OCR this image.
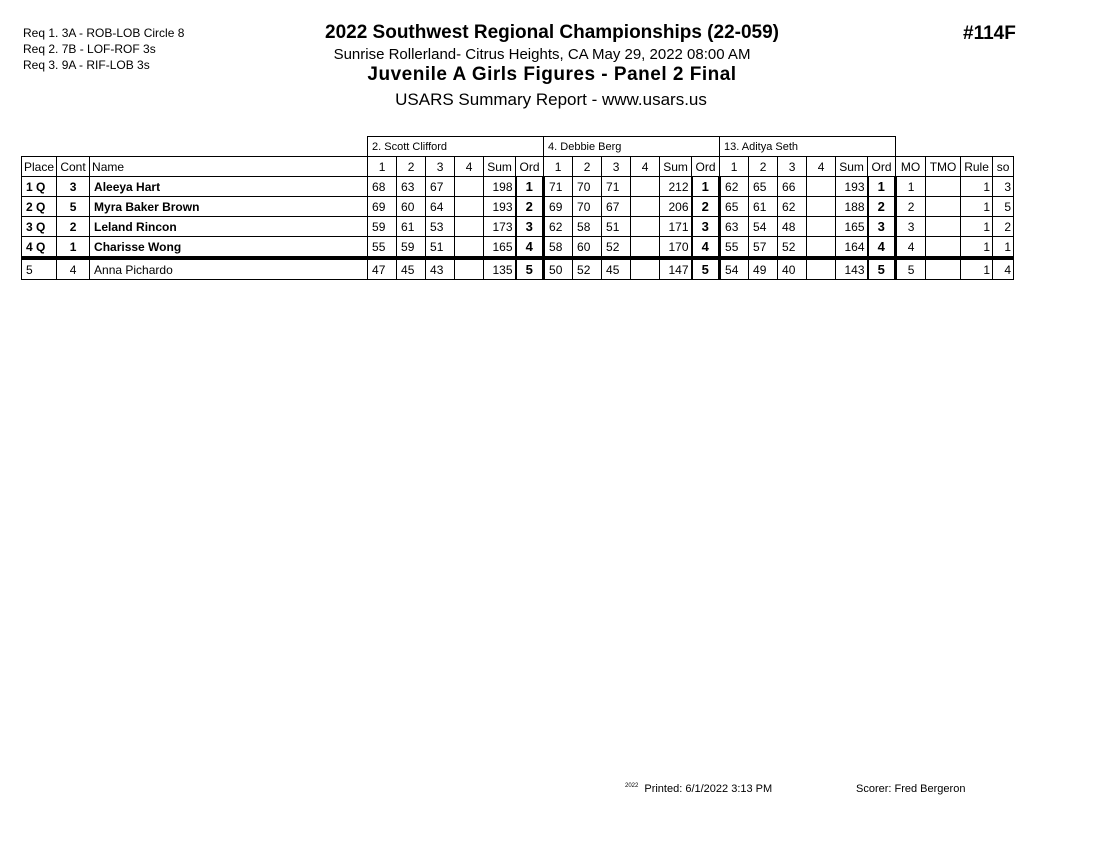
Req 1. 3A - ROB-LOB Circle 8
Req 2. 7B - LOF-ROF 3s
Req 3. 9A - RIF-LOB 3s
2022 Southwest Regional Championships (22-059)
Sunrise Rollerland- Citrus Heights, CA May 29, 2022 08:00 AM
Juvenile A Girls Figures - Panel 2 Final
USARS Summary Report - www.usars.us
#114F
			2. Scott Clifford						4. Debbie Berg						13. Aditya Seth									
Place	Cont	Name	1	2	3	4	Sum	Ord	1	2	3	4	Sum	Ord	1	2	3	4	Sum	Ord	MO	TMO	Rule	so
1 Q	3	Aleeya Hart	68	63	67		198	1	71	70	71		212	1	62	65	66		193	1	1		1	3
2 Q	5	Myra Baker Brown	69	60	64		193	2	69	70	67		206	2	65	61	62		188	2	2		1	5
3 Q	2	Leland Rincon	59	61	53		173	3	62	58	51		171	3	63	54	48		165	3	3		1	2
4 Q	1	Charisse Wong	55	59	51		165	4	58	60	52		170	4	55	57	52		164	4	4		1	1
5	4	Anna Pichardo	47	45	43		135	5	50	52	45		147	5	54	49	40		143	5	5		1	4
$^{2022}$ Printed: 6/1/2022 3:13 PM	Scorer: Fred Bergeron
